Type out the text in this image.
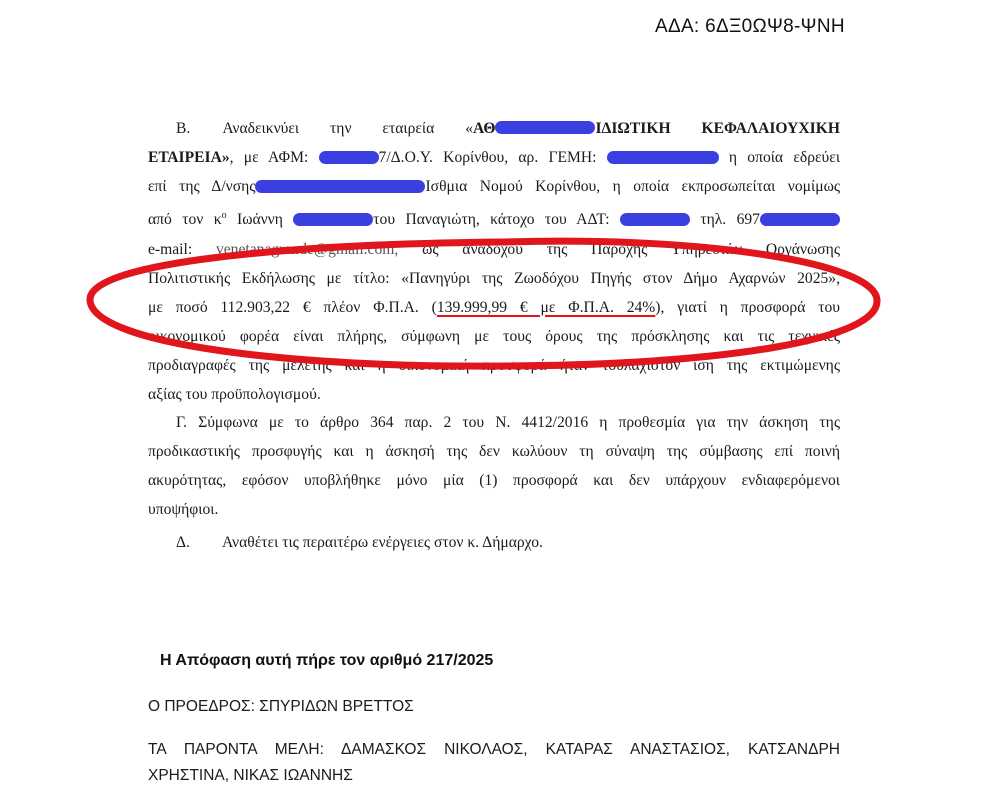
ΑΔΑ: 6ΔΞ0ΩΨ8-ΨΝΗ
Β. Αναδεικνύει την εταιρεία «ΑΘ	ΙΔΙΩΤΙΚΗ ΚΕΦΑΛΑΙΟΥΧΙΚΗ
ΕΤΑΙΡΕΙΑ», με ΑΦΜ:	7/Δ.Ο.Υ. Κορίνθου, αρ. ΓΕΜΗ:	η οποία εδρεύει
επί της Δ/νσης	Ισθμια Νομού Κορίνθου, η οποία εκπροσωπείται νομίμως
από τον $\kappa^o$ Ιωάννη	του Παναγιώτη, κάτοχο του ΑΔΤ:	τηλ. 697
e-mail: venetanagrande@gmail.com, ως ανάδοχου της Παροχής Υπηρεσιών Οργάνωσης
Πολιτιστικής Εκδήλωσης με τίτλο: «Πανηγύρι της Ζωοδόχου Πηγής στον Δήμο Αχαρνών 2025»,
με ποσό 112.903,22 € πλέον Φ.Π.Α. (139.999,99 € με Φ.Π.Α. 24%), γιατί η προσφορά του
οικονομικού φορέα είναι πλήρης, σύμφωνη με τους όρους της πρόσκλησης και τις τεχνικές
προδιαγραφές της μελέτης και η οικονομική προσφορά ήταν τουλάχιστον ίση της εκτιμώμενης
αξίας του προϋπολογισμού.
Γ. Σύμφωνα με το άρθρο 364 παρ. 2 του Ν. 4412/2016 η προθεσμία για την άσκηση της
προδικαστικής προσφυγής και η άσκησή της δεν κωλύουν τη σύναψη της σύμβασης επί ποινή
ακυρότητας, εφόσον υποβλήθηκε μόνο μία (1) προσφορά και δεν υπάρχουν ενδιαφερόμενοι
υποψήφιοι.
Δ. Αναθέτει τις περαιτέρω ενέργειες στον κ. Δήμαρχο.
Η Απόφαση αυτή πήρε τον αριθμό 217/2025

Ο ΠΡΟΕΔΡΟΣ: ΣΠΥΡΙΔΩΝ ΒΡΕΤΤΟΣ

ΤΑ ΠΑΡΟΝΤΑ ΜΕΛΗ: ΔΑΜΑΣΚΟΣ ΝΙΚΟΛΑΟΣ, ΚΑΤΑΡΑΣ ΑΝΑΣΤΑΣΙΟΣ, ΚΑΤΣΑΝΔΡΗ
ΧΡΗΣΤΙΝΑ, ΝΙΚΑΣ ΙΩΑΝΝΗΣ
